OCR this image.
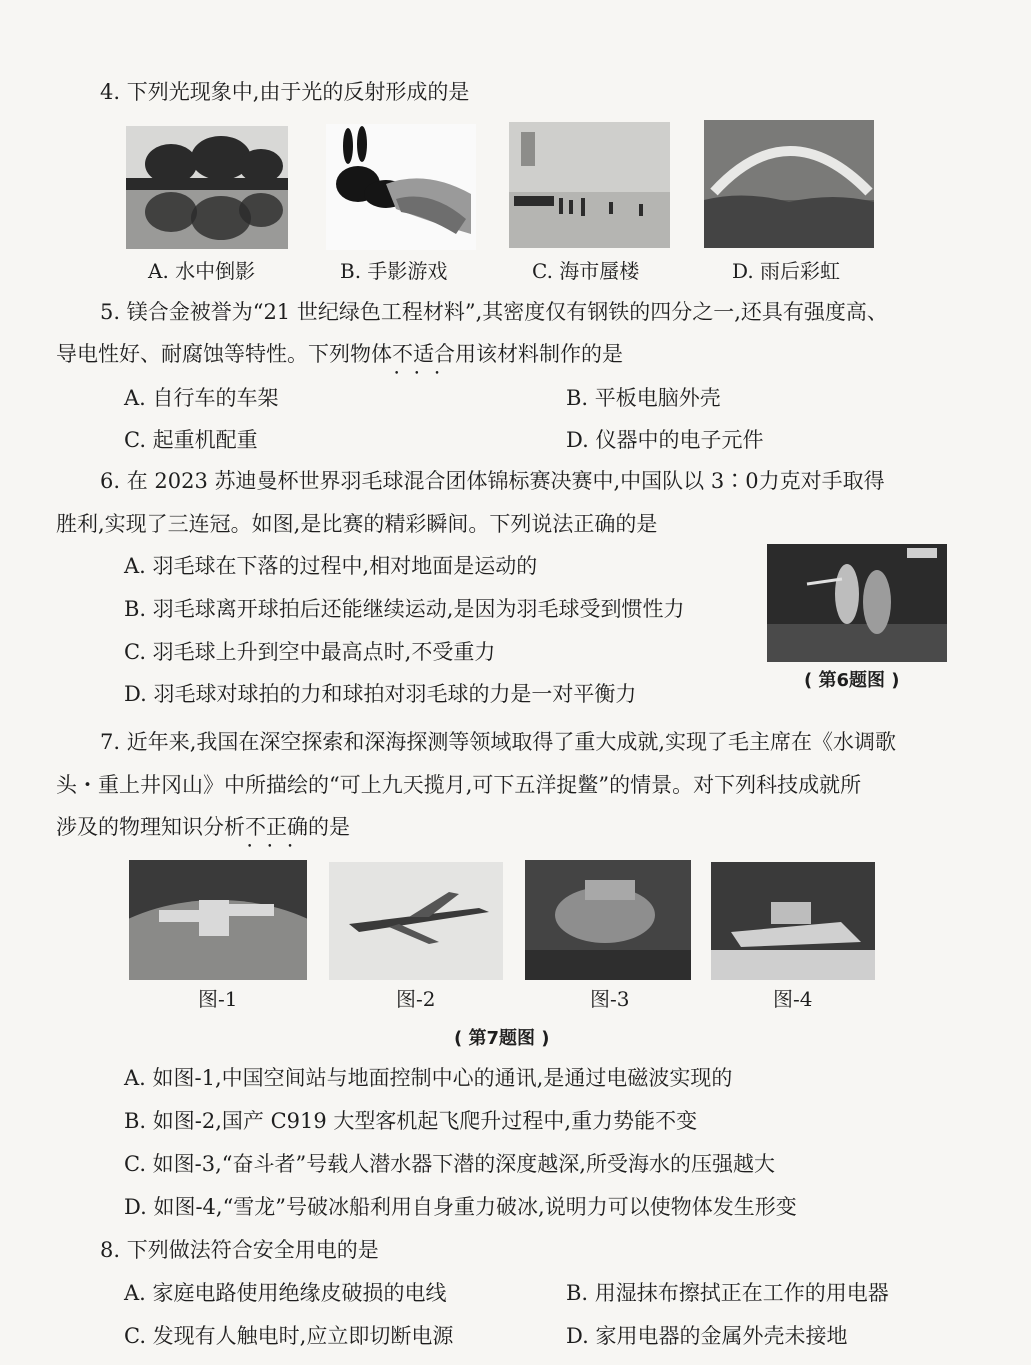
4. 下列光现象中,由于光的反射形成的是
A. 水中倒影	B. 手影游戏	C. 海市蜃楼	D. 雨后彩虹
5. 镁合金被誉为“21 世纪绿色工程材料”,其密度仅有钢铁的四分之一,还具有强度高、
导电性好、耐腐蚀等特性。下列物体不适合 • • •用该材料制作的是
A. 自行车的车架	B. 平板电脑外壳
C. 起重机配重	D. 仪器中的电子元件
6. 在 2023 苏迪曼杯世界羽毛球混合团体锦标赛决赛中,中国队以 3∶0力克对手取得
胜利,实现了三连冠。如图,是比赛的精彩瞬间。下列说法正确的是
A. 羽毛球在下落的过程中,相对地面是运动的
B. 羽毛球离开球拍后还能继续运动,是因为羽毛球受到惯性力
C. 羽毛球上升到空中最高点时,不受重力
D. 羽毛球对球拍的力和球拍对羽毛球的力是一对平衡力
( 第6题图 )
7. 近年来,我国在深空探索和深海探测等领域取得了重大成就,实现了毛主席在《水调歌
头・重上井冈山》中所描绘的“可上九天揽月,可下五洋捉鳖”的情景。对下列科技成就所
涉及的物理知识分析不正确 • • •的是
图-1	图-2	图-3	图-4
( 第7题图 )
A. 如图-1,中国空间站与地面控制中心的通讯,是通过电磁波实现的
B. 如图-2,国产 C919 大型客机起飞爬升过程中,重力势能不变
C. 如图-3,“奋斗者”号载人潜水器下潜的深度越深,所受海水的压强越大
D. 如图-4,“雪龙”号破冰船利用自身重力破冰,说明力可以使物体发生形变
8. 下列做法符合安全用电的是
A. 家庭电路使用绝缘皮破损的电线	B. 用湿抹布擦拭正在工作的用电器
C. 发现有人触电时,应立即切断电源	D. 家用电器的金属外壳未接地
